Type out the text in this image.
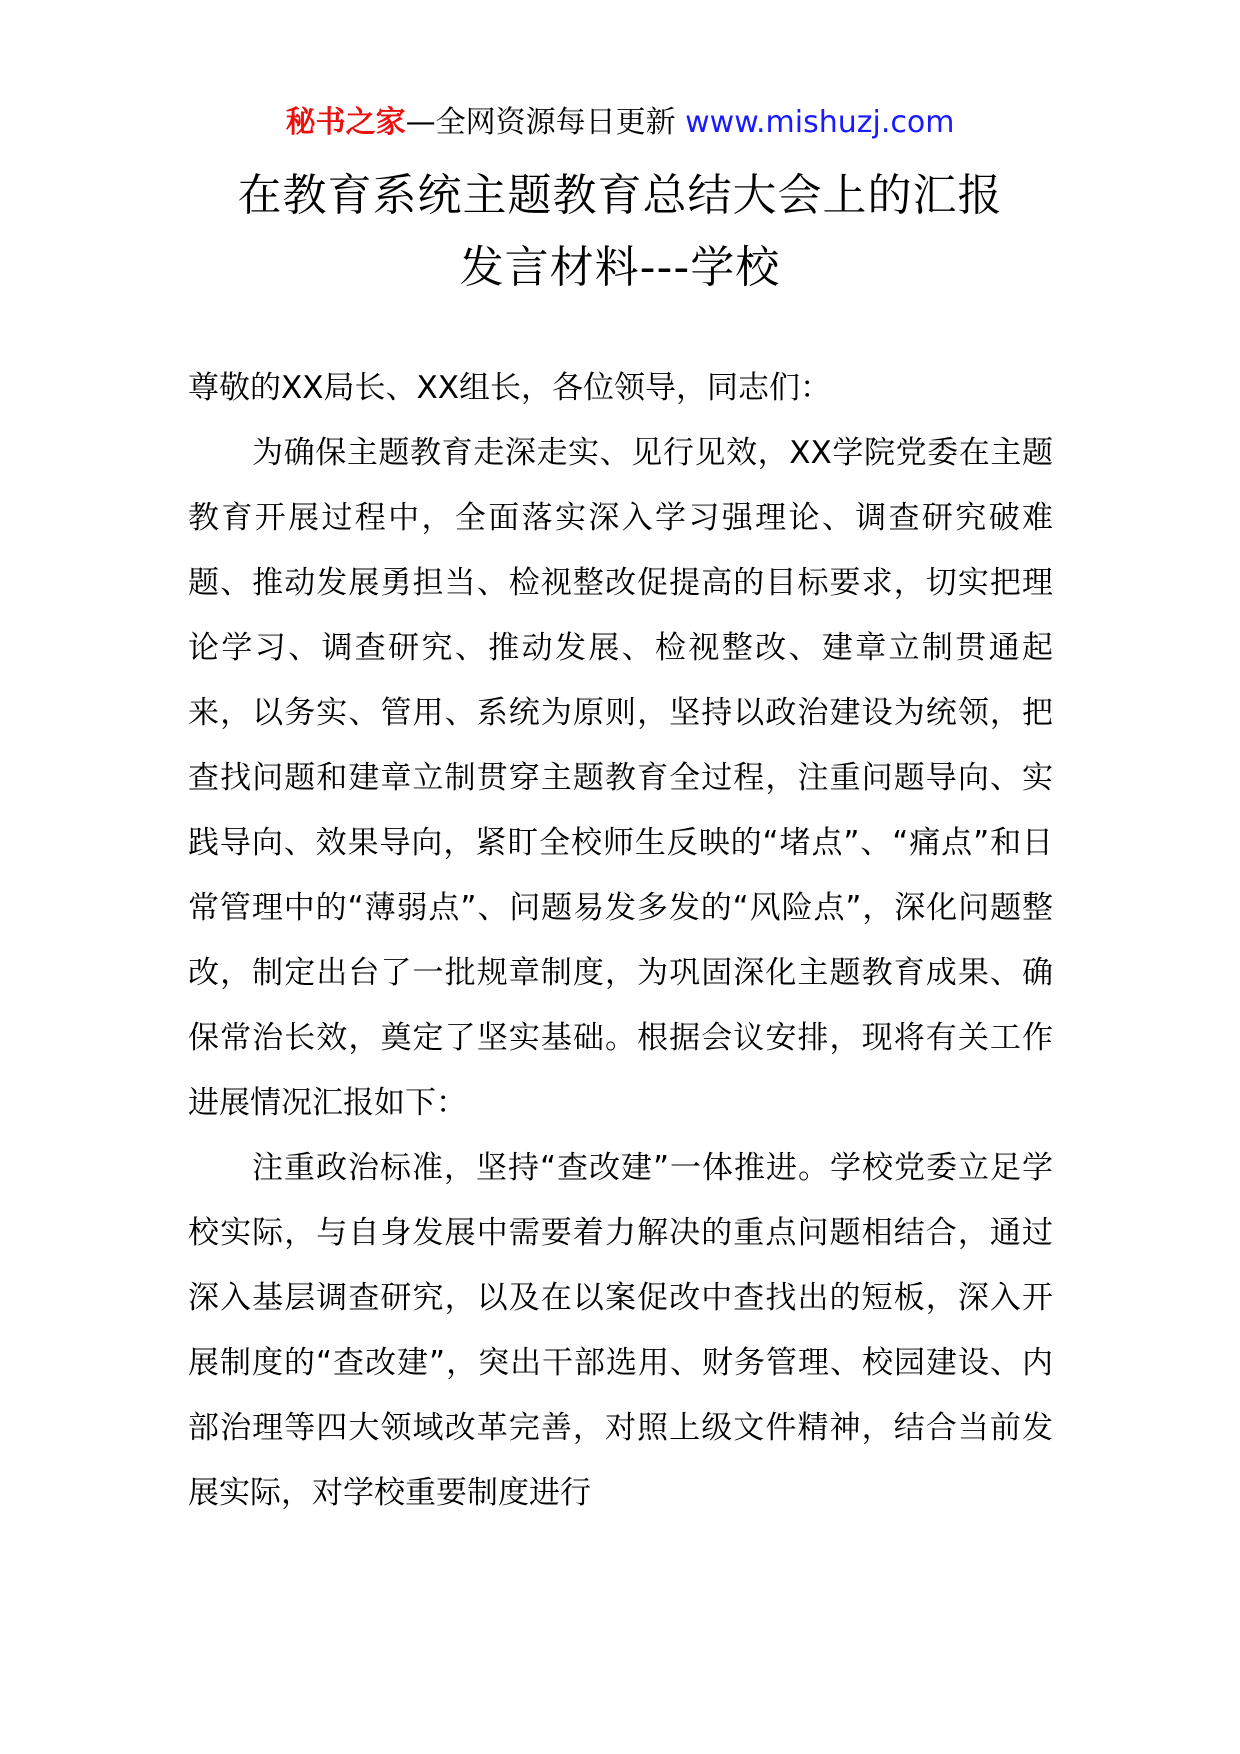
秘书之家—全网资源每日更新 www.mishuzj.com
在教育系统主题教育总结大会上的汇报
发言材料---学校

尊敬的XX局长、XX组长，各位领导，同志们：

为确保主题教育走深走实、见行见效，XX学院党委在主题教育开展过程中，全面落实深入学习强理论、调查研究破难题、推动发展勇担当、检视整改促提高的目标要求，切实把理论学习、调查研究、推动发展、检视整改、建章立制贯通起来，以务实、管用、系统为原则，坚持以政治建设为统领，把查找问题和建章立制贯穿主题教育全过程，注重问题导向、实践导向、效果导向，紧盯全校师生反映的“堵点”、“痛点”和日常管理中的“薄弱点”、问题易发多发的“风险点”，深化问题整改，制定出台了一批规章制度，为巩固深化主题教育成果、确保常治长效，奠定了坚实基础。根据会议安排，现将有关工作进展情况汇报如下：

注重政治标准，坚持“查改建”一体推进。学校党委立足学校实际，与自身发展中需要着力解决的重点问题相结合，通过深入基层调查研究，以及在以案促改中查找出的短板，深入开展制度的“查改建”，突出干部选用、财务管理、校园建设、内部治理等四大领域改革完善，对照上级文件精神，结合当前发展实际，对学校重要制度进行
